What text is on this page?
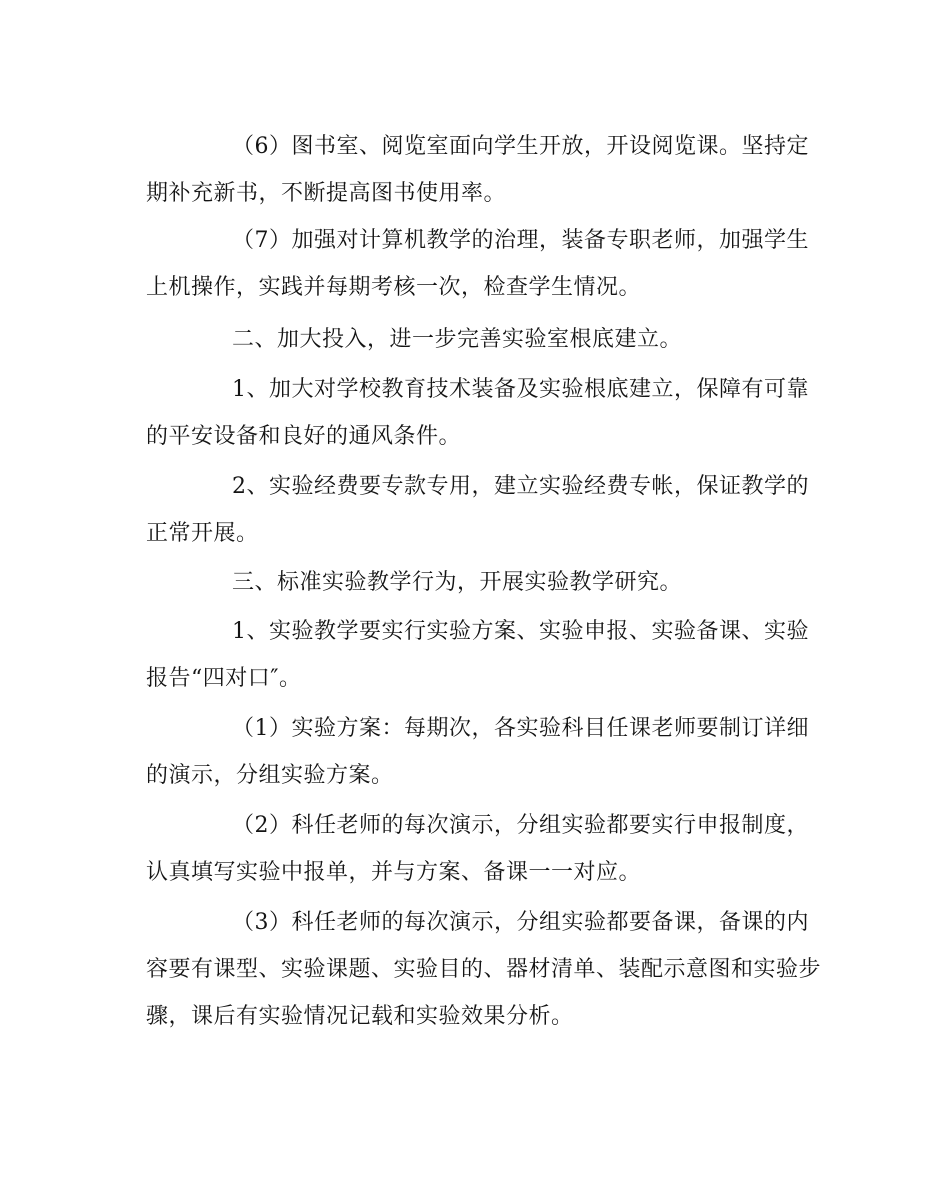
（6）图书室、阅览室面向学生开放，开设阅览课。坚持定
期补充新书，不断提高图书使用率。
（7）加强对计算机教学的治理，装备专职老师，加强学生
上机操作，实践并每期考核一次，检查学生情况。
二、加大投入，进一步完善实验室根底建立。
1、加大对学校教育技术装备及实验根底建立，保障有可靠
的平安设备和良好的通风条件。
2、实验经费要专款专用，建立实验经费专帐，保证教学的
正常开展。
三、标准实验教学行为，开展实验教学研究。
1、实验教学要实行实验方案、实验申报、实验备课、实验
报告“四对口″。
（1）实验方案：每期次，各实验科目任课老师要制订详细
的演示，分组实验方案。
（2）科任老师的每次演示，分组实验都要实行申报制度，
认真填写实验中报单，并与方案、备课一一对应。
（3）科任老师的每次演示，分组实验都要备课，备课的内
容要有课型、实验课题、实验目的、器材清单、装配示意图和实验步
骤，课后有实验情况记载和实验效果分析。
